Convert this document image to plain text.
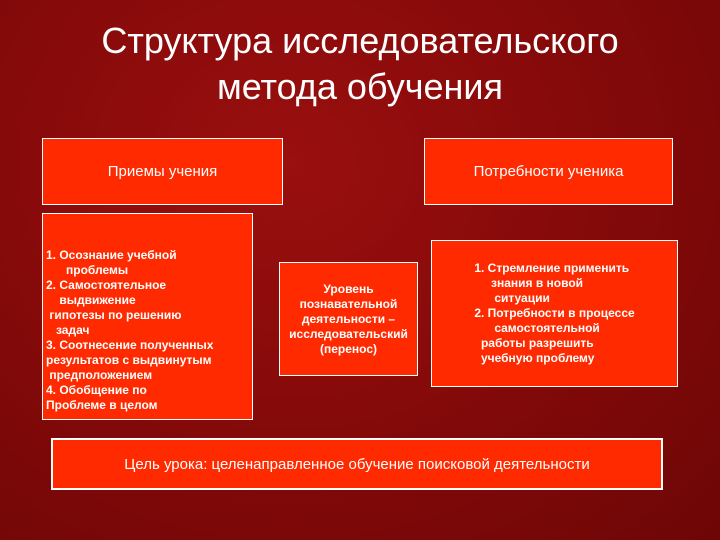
Структура исследовательского
метода обучения
Приемы учения	Потребности ученика

1. Осознание учебной
проблемы
2. Самостоятельное
выдвижение
гипотезы по решению
задач
3. Соотнесение полученных
результатов с выдвинутым
предположением
4. Обобщение по
Проблеме в целом

Уровень
познавательной
деятельности –
исследовательский
(перенос)
1. Стремление применить
знания в новой
ситуации
2. Потребности в процессе
самостоятельной
работы разрешить
учебную проблему
Цель урока: целенаправленное обучение поисковой деятельности
